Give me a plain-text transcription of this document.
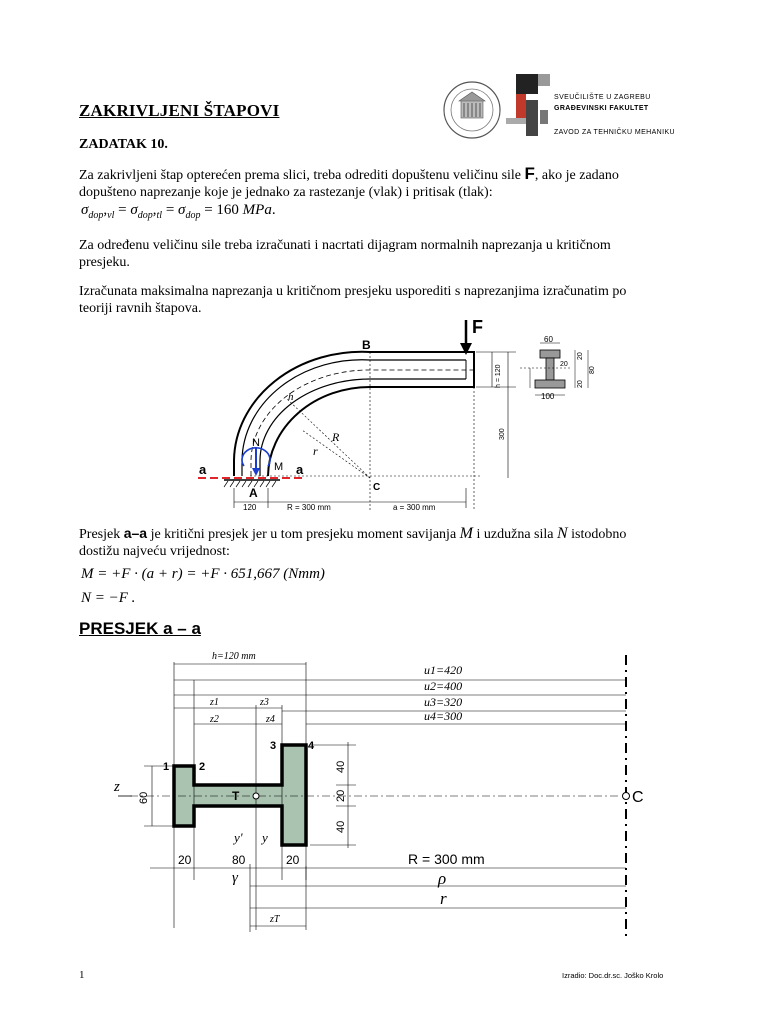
SVEUČILIŠTE U ZAGREBU
GRAĐEVINSKI FAKULTET
ZAVOD ZA TEHNIČKU MEHANIKU
ZAKRIVLJENI ŠTAPOVI
ZADATAK 10.
Za zakrivljeni štap opterećen prema slici, treba odrediti dopuštenu veličinu sile F, ako je zadano
dopušteno naprezanje koje je jednako za rastezanje (vlak) i pritisak (tlak):
$\sigma_{dop},_{vl} = \sigma_{dop},_{tl} = \sigma_{dop} = 160$ MPa.
Za određenu veličinu sile treba izračunati i nacrtati dijagram normalnih naprezanja u kritičnom
presjeku.
Izračunata maksimalna naprezanja u kritičnom presjeku usporediti s naprezanjima izračunatim po
teoriji ravnih štapova.
B
F
A	C
a	a
N
M
h
R
r
120	R = 300 mm	a = 300 mm
300
h = 120
60
100
20
20
20
80
Presjek a–a je kritični presjek jer u tom presjeku moment savijanja M i uzdužna sila N istodobno
dostižu najveću vrijednost:
M = +F · (a + r) = +F · 651,667 (Nmm)
N = −F .
PRESJEK a – a
h=120 mm
u1=420
u2=400
u3=320
u4=300
z1
z2
z3
z4
1	2
3	4
z
60	T	C
40
20
40
y' y
20	80	20	R = 300 mm
γ	ρ
r
zT
1	Izradio: Doc.dr.sc. Joško Krolo
